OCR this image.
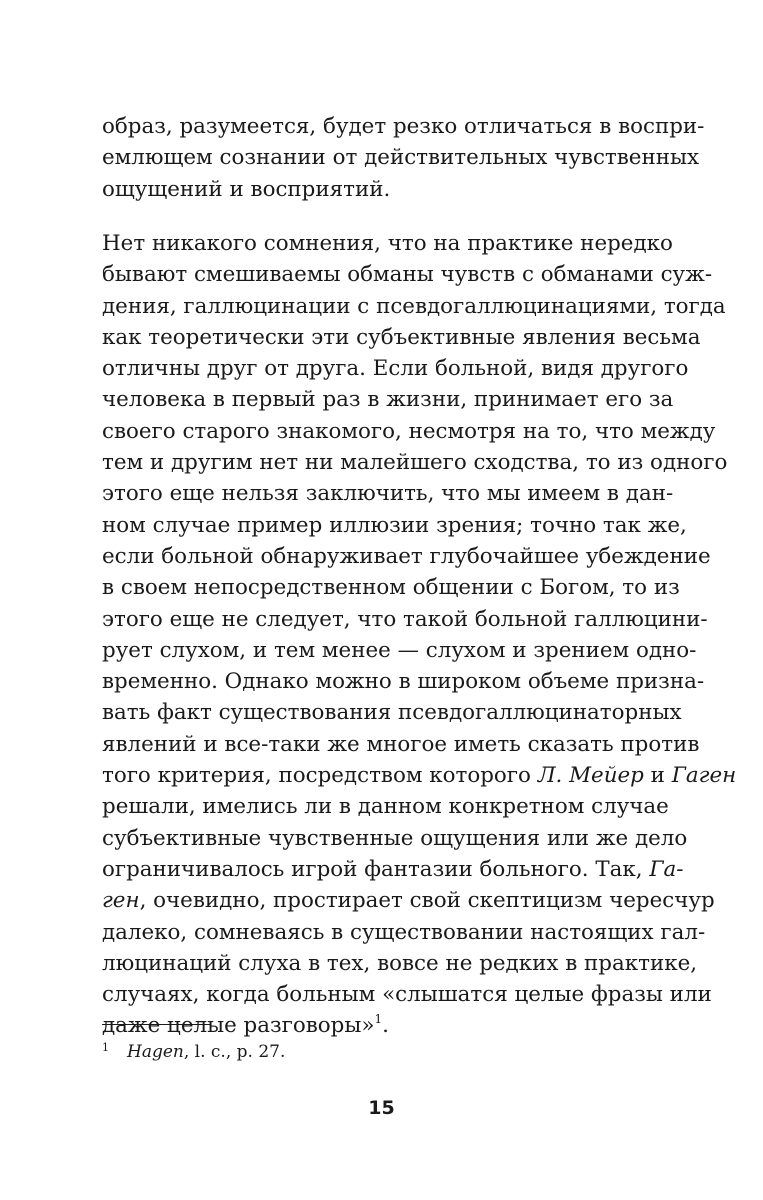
образ, разумеется, будет резко отличаться в воспри-
емлющем сознании от действительных чувственных
ощущений и восприятий.
Нет никакого сомнения, что на практике нередко
бывают смешиваемы обманы чувств с обманами суж-
дения, галлюцинации с псевдогаллюцинациями, тогда
как теоретически эти субъективные явления весьма
отличны друг от друга. Если больной, видя другого
человека в первый раз в жизни, принимает его за
своего старого знакомого, несмотря на то, что между
тем и другим нет ни малейшего сходства, то из одного
этого еще нельзя заключить, что мы имеем в дан-
ном случае пример иллюзии зрения; точно так же,
если больной обнаруживает глубочайшее убеждение
в своем непосредственном общении с Богом, то из
этого еще не следует, что такой больной галлюцини-
рует слухом, и тем менее — слухом и зрением одно-
временно. Однако можно в широком объеме призна-
вать факт существования псевдогаллюцинаторных
явлений и все-таки же многое иметь сказать против
того критерия, посредством которого Л. Мейер и Гаген
решали, имелись ли в данном конкретном случае
субъективные чувственные ощущения или же дело
ограничивалось игрой фантазии больного. Так, Га-
ген, очевидно, простирает свой скептицизм чересчур
далеко, сомневаясь в существовании настоящих гал-
люцинаций слуха в тех, вовсе не редких в практике,
случаях, когда больным «слышатся целые фразы или
даже целые разговоры»$^1$.
$^1$ Hagen, l. c., p. 27.
15
